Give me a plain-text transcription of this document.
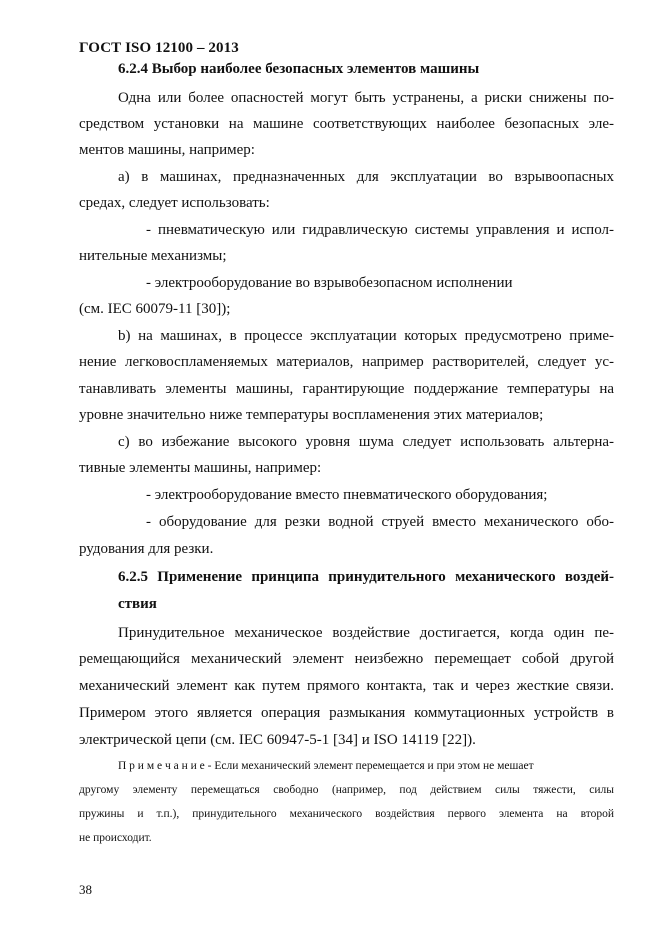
ГОСТ ISO 12100 – 2013
6.2.4 Выбор наиболее безопасных элементов машины
Одна или более опасностей могут быть устранены, а риски снижены по-
средством установки на машине соответствующих наиболее безопасных эле-
ментов машины, например:
a) в машинах, предназначенных для эксплуатации во взрывоопасных
средах, следует использовать:
- пневматическую или гидравлическую системы управления и испол-
нительные механизмы;
- электрооборудование во взрывобезопасном исполнении
(см. IEC 60079-11 [30]);
b) на машинах, в процессе эксплуатации которых предусмотрено приме-
нение легковоспламеняемых материалов, например растворителей, следует ус-
танавливать элементы машины, гарантирующие поддержание температуры на
уровне значительно ниже температуры воспламенения этих материалов;
c) во избежание высокого уровня шума следует использовать альтерна-
тивные элементы машины, например:
- электрооборудование вместо пневматического оборудования;
- оборудование для резки водной струей вместо механического обо-
рудования для резки.
6.2.5 Применение принципа принудительного механического воздей-
ствия
Принудительное механическое воздействие достигается, когда один пе-
ремещающийся механический элемент неизбежно перемещает собой другой
механический элемент как путем прямого контакта, так и через жесткие связи.
Примером этого является операция размыкания коммутационных устройств в
электрической цепи (см. IEC 60947-5-1 [34] и ISO 14119 [22]).
П р и м е ч а н и е - Если механический элемент перемещается и при этом не мешает
другому элементу перемещаться свободно (например, под действием силы тяжести, силы
пружины и т.п.), принудительного механического воздействия первого элемента на второй
не происходит.
38
